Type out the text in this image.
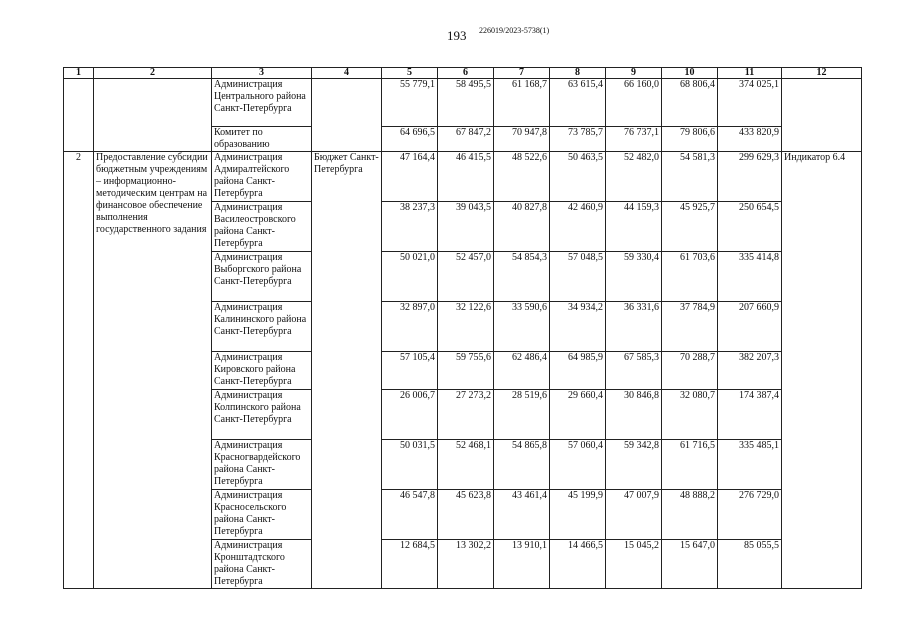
193 226019/2023-5738(1)
1	2	3	4	5	6	7	8	9	10	11	12
		Администрация Центрального района Санкт-Петербурга		55 779,1	58 495,5	61 168,7	63 615,4	66 160,0	68 806,4	374 025,1	
		Комитет по образованию		64 696,5	67 847,2	70 947,8	73 785,7	76 737,1	79 806,6	433 820,9	
2	Предоставление субсидии бюджетным учреждениям – информационно-методическим центрам на финансовое обеспечение выполнения государственного задания	Администрация Адмиралтейского района Санкт-Петербурга	Бюджет Санкт-Петербурга	47 164,4	46 415,5	48 522,6	50 463,5	52 482,0	54 581,3	299 629,3	Индикатор 6.4
		Администрация Василеостровского района Санкт-Петербурга		38 237,3	39 043,5	40 827,8	42 460,9	44 159,3	45 925,7	250 654,5	
		Администрация Выборгского района Санкт-Петербурга		50 021,0	52 457,0	54 854,3	57 048,5	59 330,4	61 703,6	335 414,8	
		Администрация Калининского района Санкт-Петербурга		32 897,0	32 122,6	33 590,6	34 934,2	36 331,6	37 784,9	207 660,9	
		Администрация Кировского района Санкт-Петербурга		57 105,4	59 755,6	62 486,4	64 985,9	67 585,3	70 288,7	382 207,3	
		Администрация Колпинского района Санкт-Петербурга		26 006,7	27 273,2	28 519,6	29 660,4	30 846,8	32 080,7	174 387,4	
		Администрация Красногвардейского района Санкт-Петербурга		50 031,5	52 468,1	54 865,8	57 060,4	59 342,8	61 716,5	335 485,1	
		Администрация Красносельского района Санкт-Петербурга		46 547,8	45 623,8	43 461,4	45 199,9	47 007,9	48 888,2	276 729,0	
		Администрация Кронштадтского района Санкт-Петербурга		12 684,5	13 302,2	13 910,1	14 466,5	15 045,2	15 647,0	85 055,5	
